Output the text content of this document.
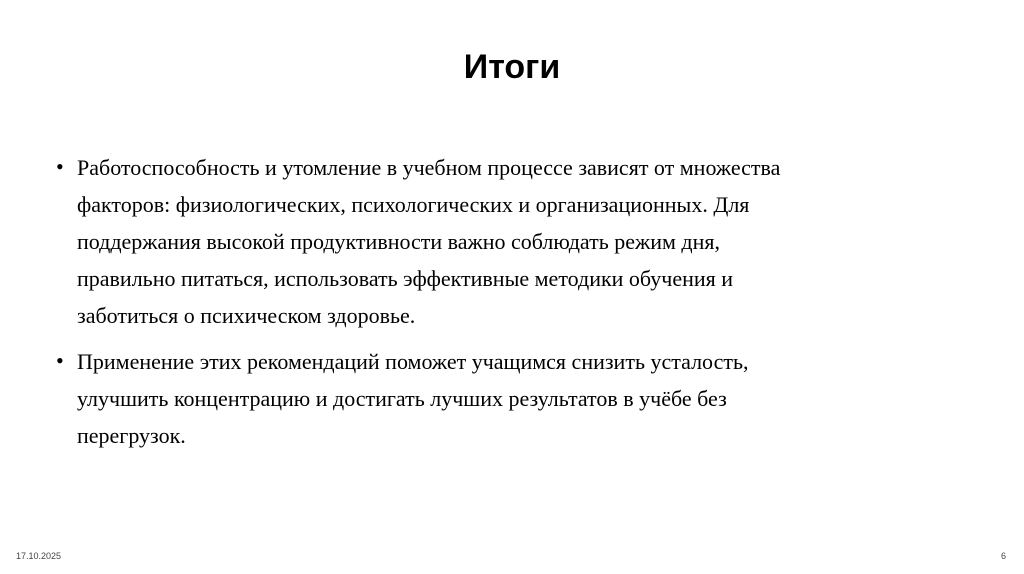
Итоги
• Работоспособность и утомление в учебном процессе зависят от множества
факторов: физиологических, психологических и организационных. Для
поддержания высокой продуктивности важно соблюдать режим дня,
правильно питаться, использовать эффективные методики обучения и
заботиться о психическом здоровье.
• Применение этих рекомендаций поможет учащимся снизить усталость,
улучшить концентрацию и достигать лучших результатов в учёбе без
перегрузок.
17.10.2025	6
